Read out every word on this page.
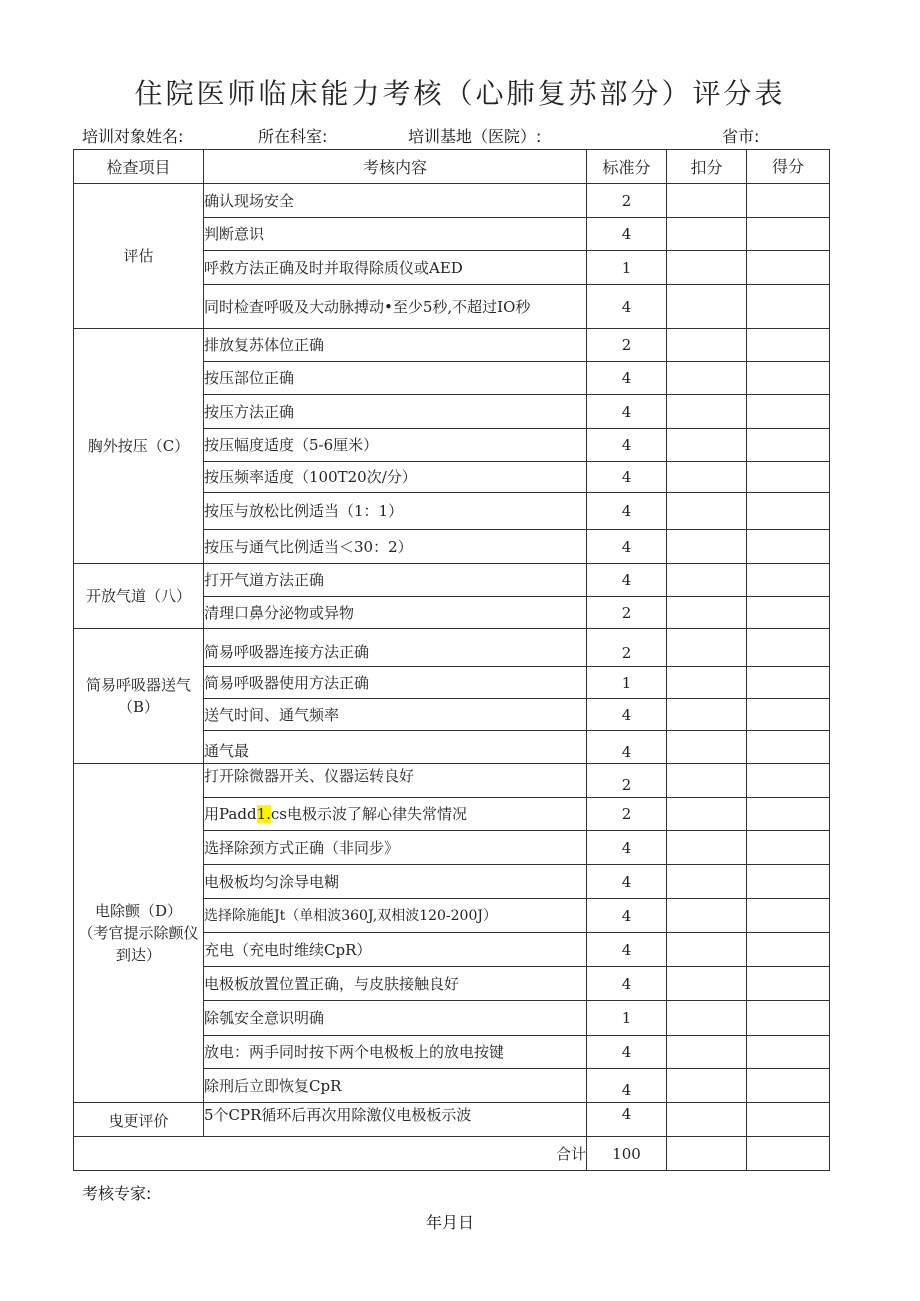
住院医师临床能力考核（心肺复苏部分）评分表
培训对象姓名:	所在科室:	培训基地（医院）:	省市:
检查项目	考核内容	标准分	扣分	得分
评估	确认现场安全	2		
	判断意识	4		
	呼救方法正确及时并取得除质仪或AED	1		
	同时检查呼吸及大动脉搏动•至少5秒,不超过IO秒	4		
胸外按压（C）	排放复苏体位正确	2		
	按压部位正确	4		
	按压方法正确	4		
	按压幅度适度（5-6厘米）	4		
	按压频率适度（100T20次/分）	4		
	按压与放松比例适当（1：1）	4		
	按压与通气比例适当＜30：2）	4		
开放气道（八）	打开气道方法正确	4		
	清理口鼻分泌物或异物	2		
简易呼吸器送气（B）	简易呼吸器连接方法正确	2		
	简易呼吸器使用方法正确	1		
	送气时间、通气频率	4		
	通气最	4		

电除颤（D）
（考官提示除颤仪到达）	打开除微器开关、仪器运转良好	2		
	用Padd1.cs电极示波了解心律失常情况	2		
	选择除颈方式正确（非同步》	4		
	电极板均匀涂导电糊	4		
	选择除施能Jt（单相波360J,双相波120-200J）	4		
	充电（充电时维续CpR）	4		
	电极板放置位置正确，与皮肤接触良好	4		
	除瓠安全意识明确	1		
	放电：两手同时按下两个电极板上的放电按键	4		
	除刑后立即恢复CpR	4		
曳更评价	5个CPR循环后再次用除激仪电极板示波	4		
合计		100		
考核专家:
年月日
